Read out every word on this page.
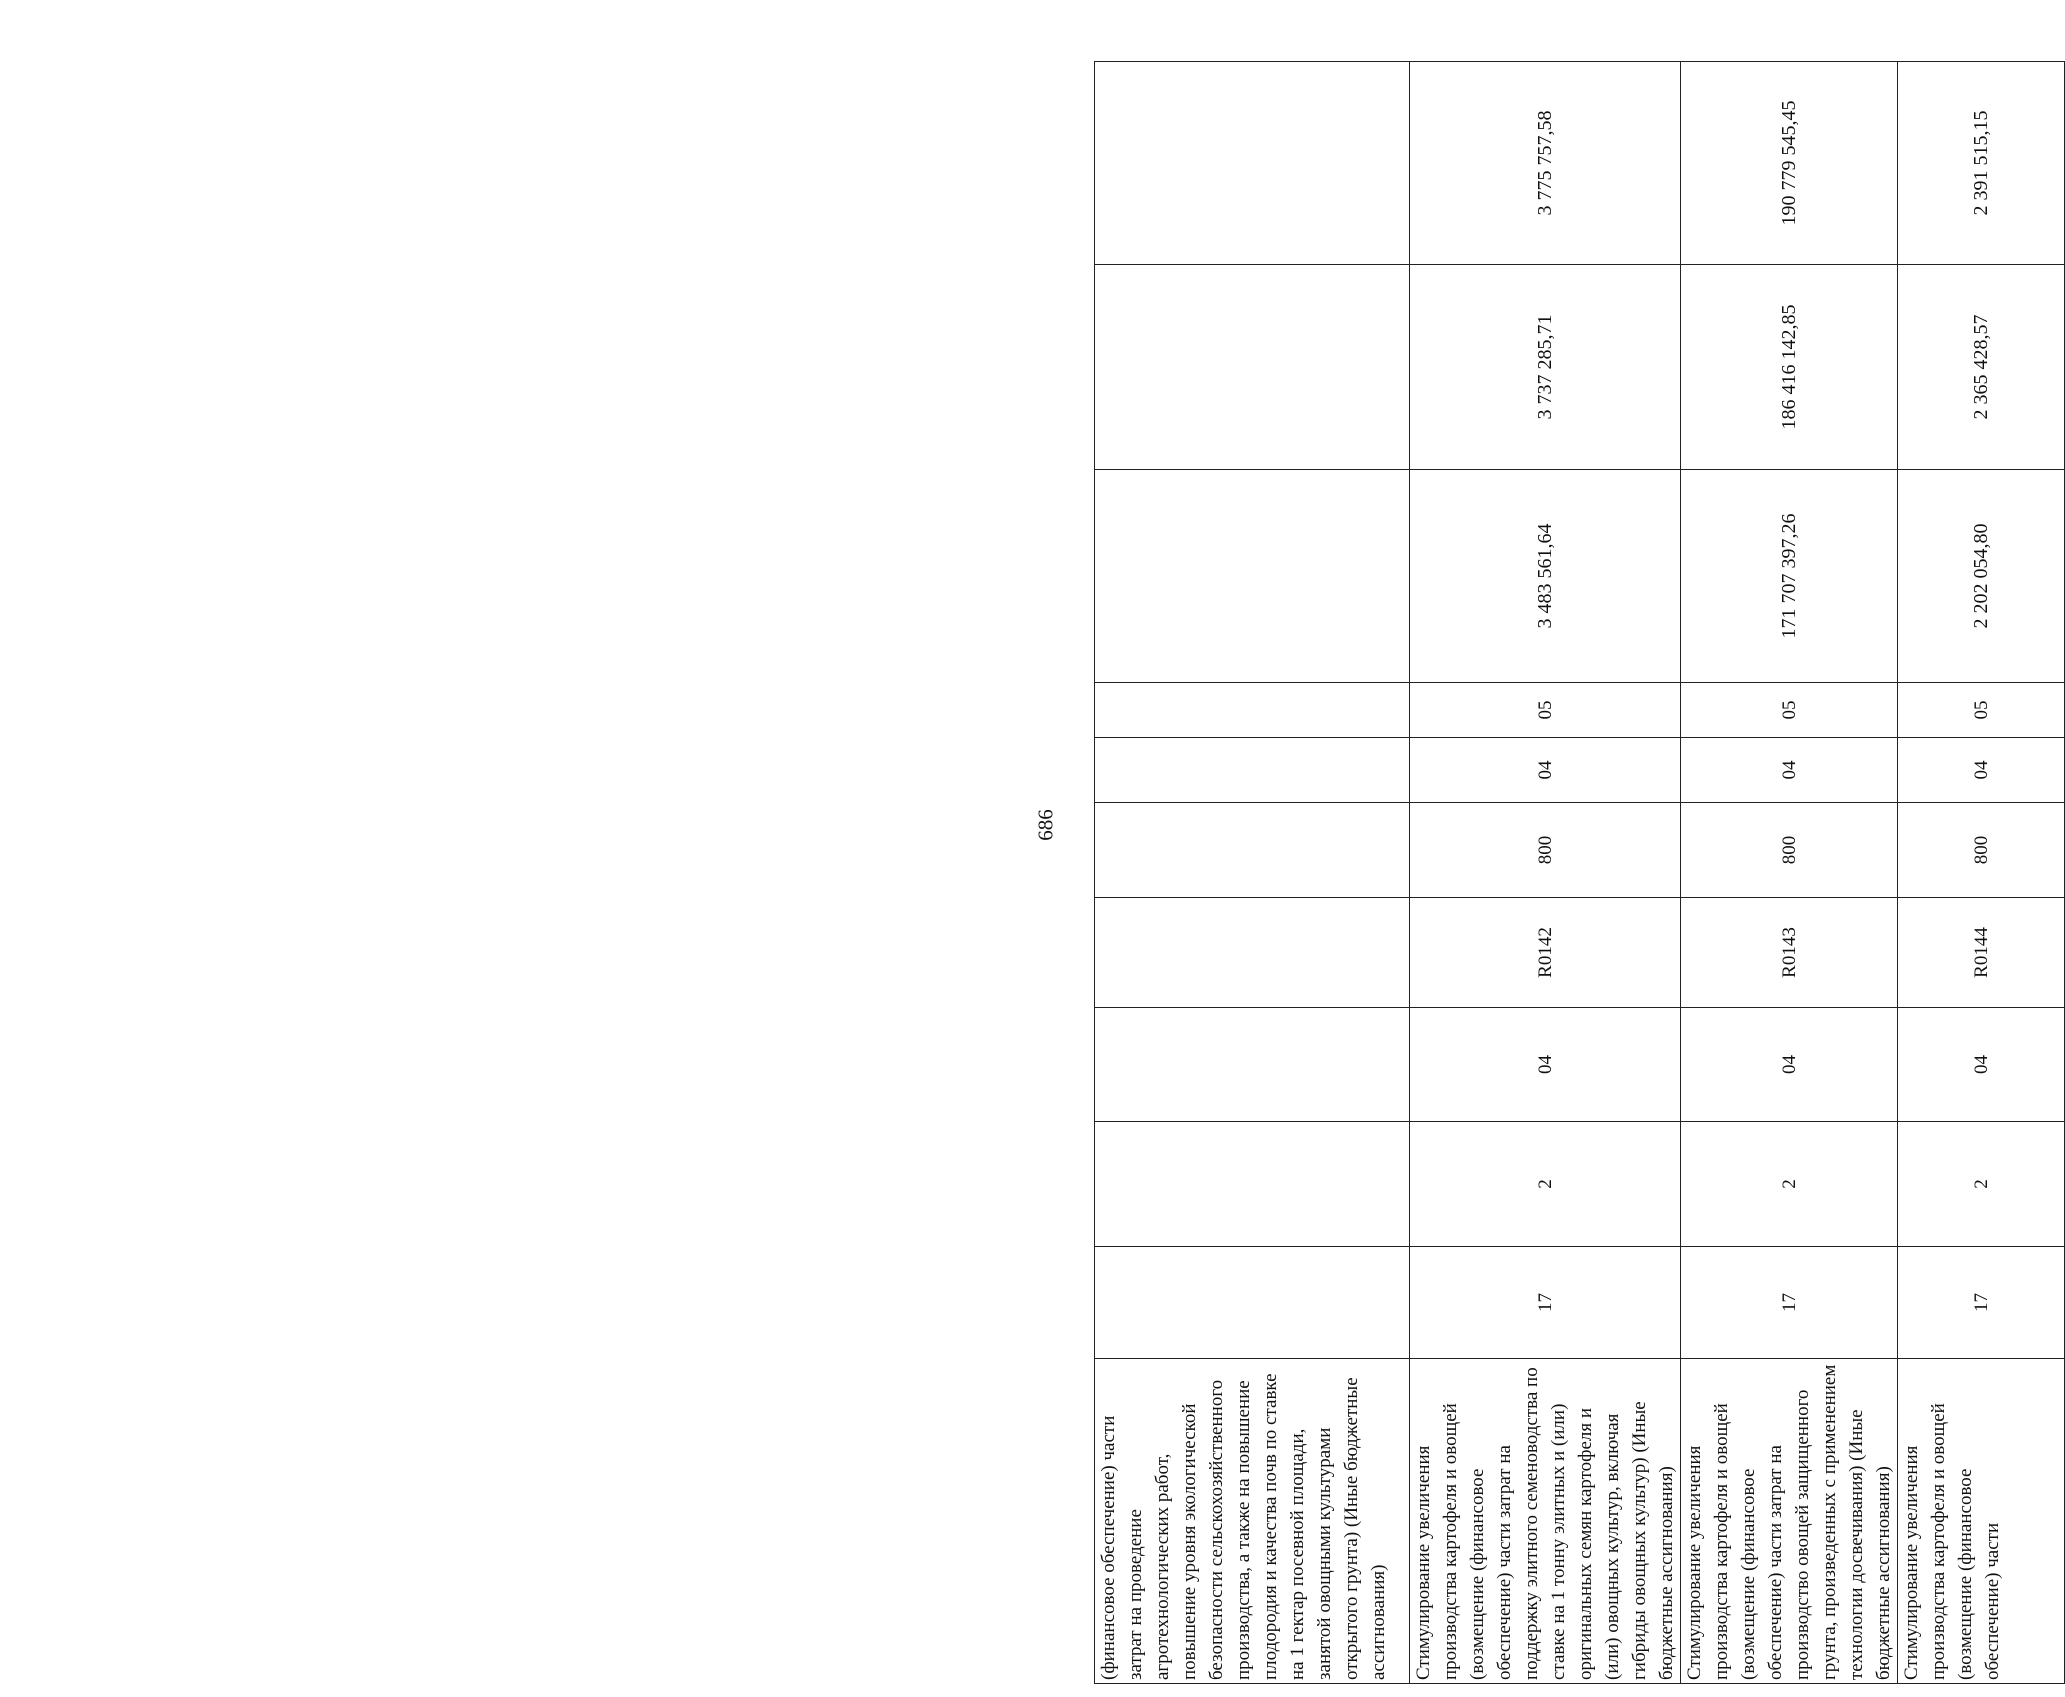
686
(финансовое обеспечение) части затрат на проведение агротехнологических работ, повышение уровня экологической безопасности сельскохозяйственного производства, а также на повышение плодородия и качества почв по ставке на 1 гектар посевной площади, занятой овощными культурами открытого грунта) (Иные бюджетные ассигнования)										
Стимулирование увеличения производства картофеля и овощей (возмещение (финансовое обеспечение) части затрат на поддержку элитного семеноводства по ставке на 1 тонну элитных и (или) оригинальных семян картофеля и (или) овощных культур, включая гибриды овощных культур) (Иные бюджетные ассигнования)	17	2	04	R0142	800	04	05	3 483 561,64	3 737 285,71	3 775 757,58
Стимулирование увеличения производства картофеля и овощей (возмещение (финансовое обеспечение) части затрат на производство овощей защищенного грунта, произведенных с применением технологии досвечивания) (Иные бюджетные ассигнования)	17	2	04	R0143	800	04	05	171 707 397,26	186 416 142,85	190 779 545,45
Стимулирование увеличения производства картофеля и овощей (возмещение (финансовое обеспечение) части	17	2	04	R0144	800	04	05	2 202 054,80	2 365 428,57	2 391 515,15
